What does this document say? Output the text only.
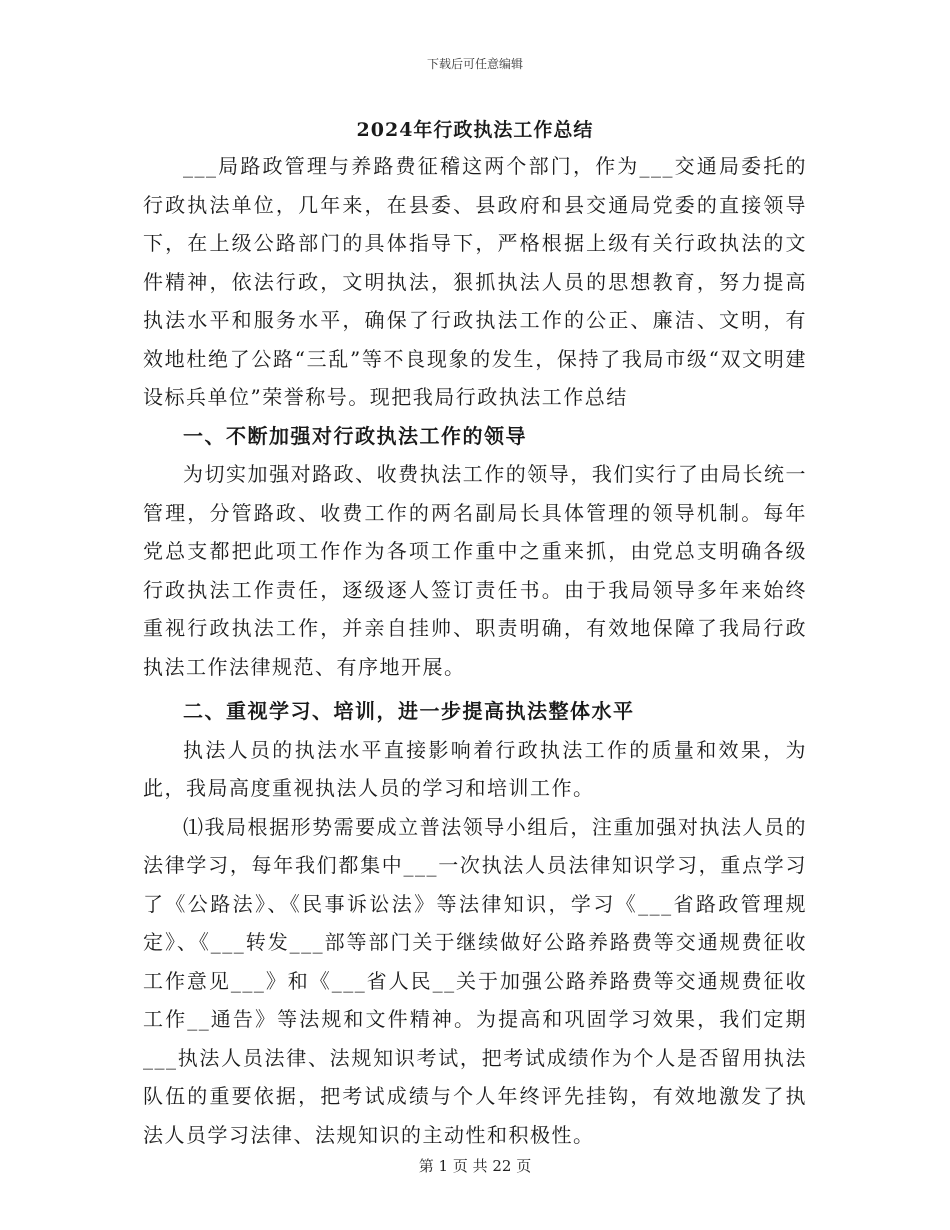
下载后可任意编辑
2024年行政执法工作总结

___局路政管理与养路费征稽这两个部门，作为___交通局委托的行政执法单位，几年来，在县委、县政府和县交通局党委的直接领导下，在上级公路部门的具体指导下，严格根据上级有关行政执法的文件精神，依法行政，文明执法，狠抓执法人员的思想教育，努力提高执法水平和服务水平，确保了行政执法工作的公正、廉洁、文明，有效地杜绝了公路“三乱”等不良现象的发生，保持了我局市级“双文明建设标兵单位”荣誉称号。现把我局行政执法工作总结

一、不断加强对行政执法工作的领导

为切实加强对路政、收费执法工作的领导，我们实行了由局长统一管理，分管路政、收费工作的两名副局长具体管理的领导机制。每年党总支都把此项工作作为各项工作重中之重来抓，由党总支明确各级行政执法工作责任，逐级逐人签订责任书。由于我局领导多年来始终重视行政执法工作，并亲自挂帅、职责明确，有效地保障了我局行政执法工作法律规范、有序地开展。

二、重视学习、培训，进一步提高执法整体水平

执法人员的执法水平直接影响着行政执法工作的质量和效果，为此，我局高度重视执法人员的学习和培训工作。

⑴我局根据形势需要成立普法领导小组后，注重加强对执法人员的法律学习，每年我们都集中___一次执法人员法律知识学习，重点学习了《公路法》、《民事诉讼法》等法律知识，学习《___省路政管理规定》、《___转发___部等部门关于继续做好公路养路费等交通规费征收工作意见___》和《___省人民__关于加强公路养路费等交通规费征收工作__通告》等法规和文件精神。为提高和巩固学习效果，我们定期___执法人员法律、法规知识考试，把考试成绩作为个人是否留用执法队伍的重要依据，把考试成绩与个人年终评先挂钩，有效地激发了执法人员学习法律、法规知识的主动性和积极性。

第 1 页 共 22 页
